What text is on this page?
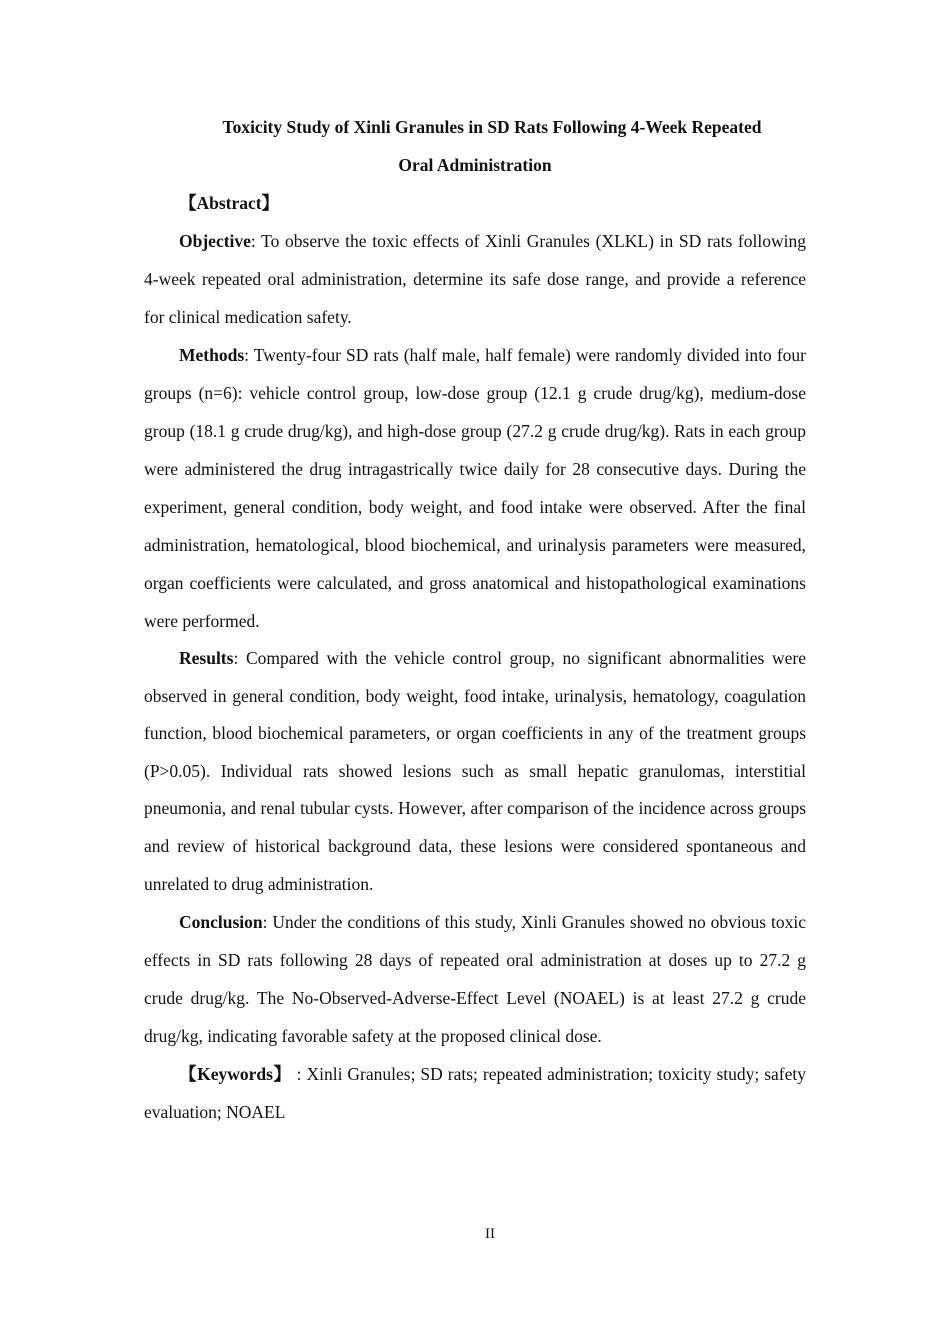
Toxicity Study of Xinli Granules in SD Rats Following 4-Week Repeated
Oral Administration
【Abstract】

Objective: To observe the toxic effects of Xinli Granules (XLKL) in SD rats following 4-week repeated oral administration, determine its safe dose range, and provide a reference for clinical medication safety.

Methods: Twenty-four SD rats (half male, half female) were randomly divided into four groups (n=6): vehicle control group, low-dose group (12.1 g crude drug/kg), medium-dose group (18.1 g crude drug/kg), and high-dose group (27.2 g crude drug/kg). Rats in each group were administered the drug intragastrically twice daily for 28 consecutive days. During the experiment, general condition, body weight, and food intake were observed. After the final administration, hematological, blood biochemical, and urinalysis parameters were measured, organ coefficients were calculated, and gross anatomical and histopathological examinations were performed.

Results: Compared with the vehicle control group, no significant abnormalities were observed in general condition, body weight, food intake, urinalysis, hematology, coagulation function, blood biochemical parameters, or organ coefficients in any of the treatment groups (P>0.05). Individual rats showed lesions such as small hepatic granulomas, interstitial pneumonia, and renal tubular cysts. However, after comparison of the incidence across groups and review of historical background data, these lesions were considered spontaneous and unrelated to drug administration.

Conclusion: Under the conditions of this study, Xinli Granules showed no obvious toxic effects in SD rats following 28 days of repeated oral administration at doses up to 27.2 g crude drug/kg. The No-Observed-Adverse-Effect Level (NOAEL) is at least 27.2 g crude drug/kg, indicating favorable safety at the proposed clinical dose.

【Keywords】 : Xinli Granules; SD rats; repeated administration; toxicity study; safety evaluation; NOAEL

II
